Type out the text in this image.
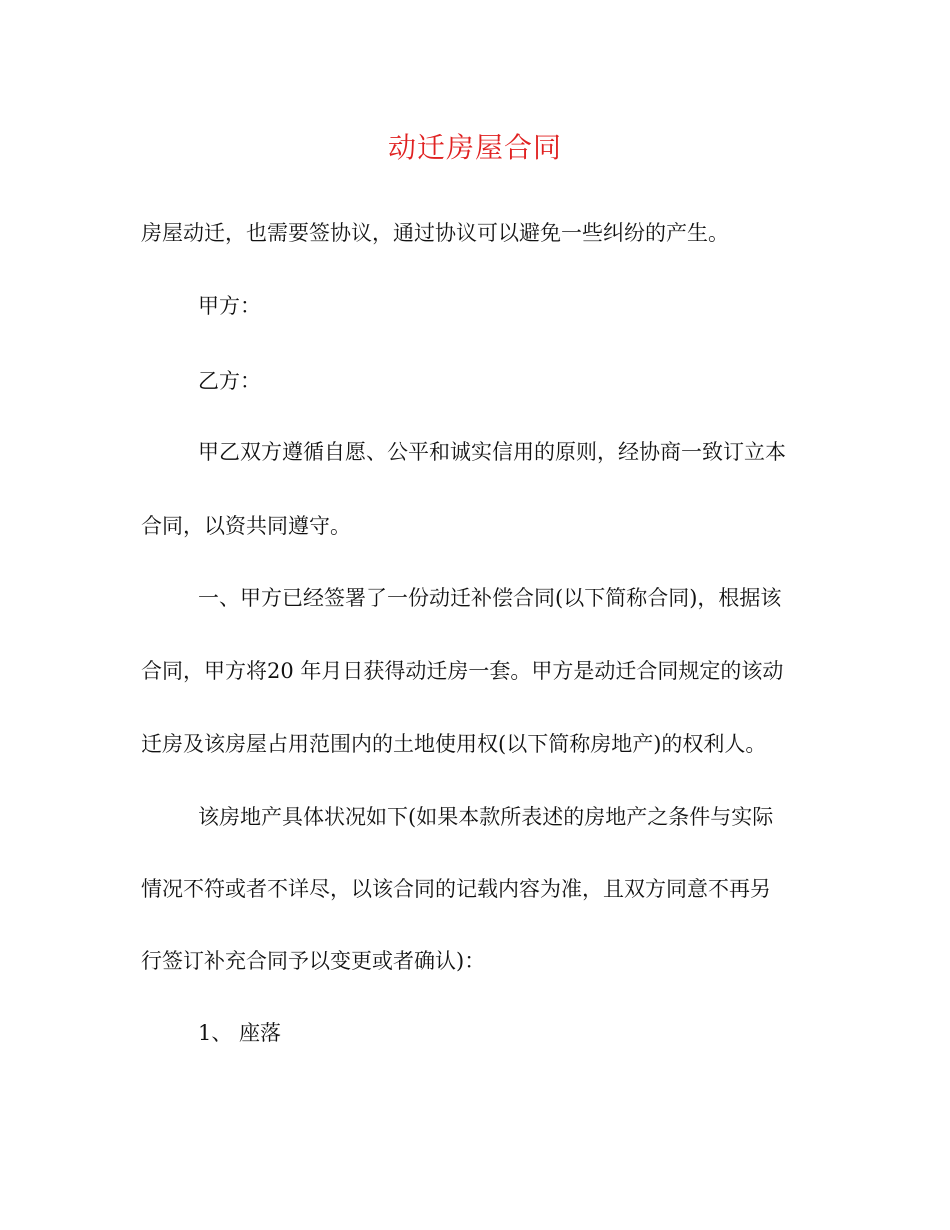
动迁房屋合同
房屋动迁，也需要签协议，通过协议可以避免一些纠纷的产生。
甲方：
乙方：
甲乙双方遵循自愿、公平和诚实信用的原则，经协商一致订立本
合同，以资共同遵守。
一、甲方已经签署了一份动迁补偿合同(以下简称合同)，根据该
合同，甲方将20 年月日获得动迁房一套。甲方是动迁合同规定的该动
迁房及该房屋占用范围内的土地使用权(以下简称房地产)的权利人。
该房地产具体状况如下(如果本款所表述的房地产之条件与实际
情况不符或者不详尽，以该合同的记载内容为准，且双方同意不再另
行签订补充合同予以变更或者确认)：
1、 座落
